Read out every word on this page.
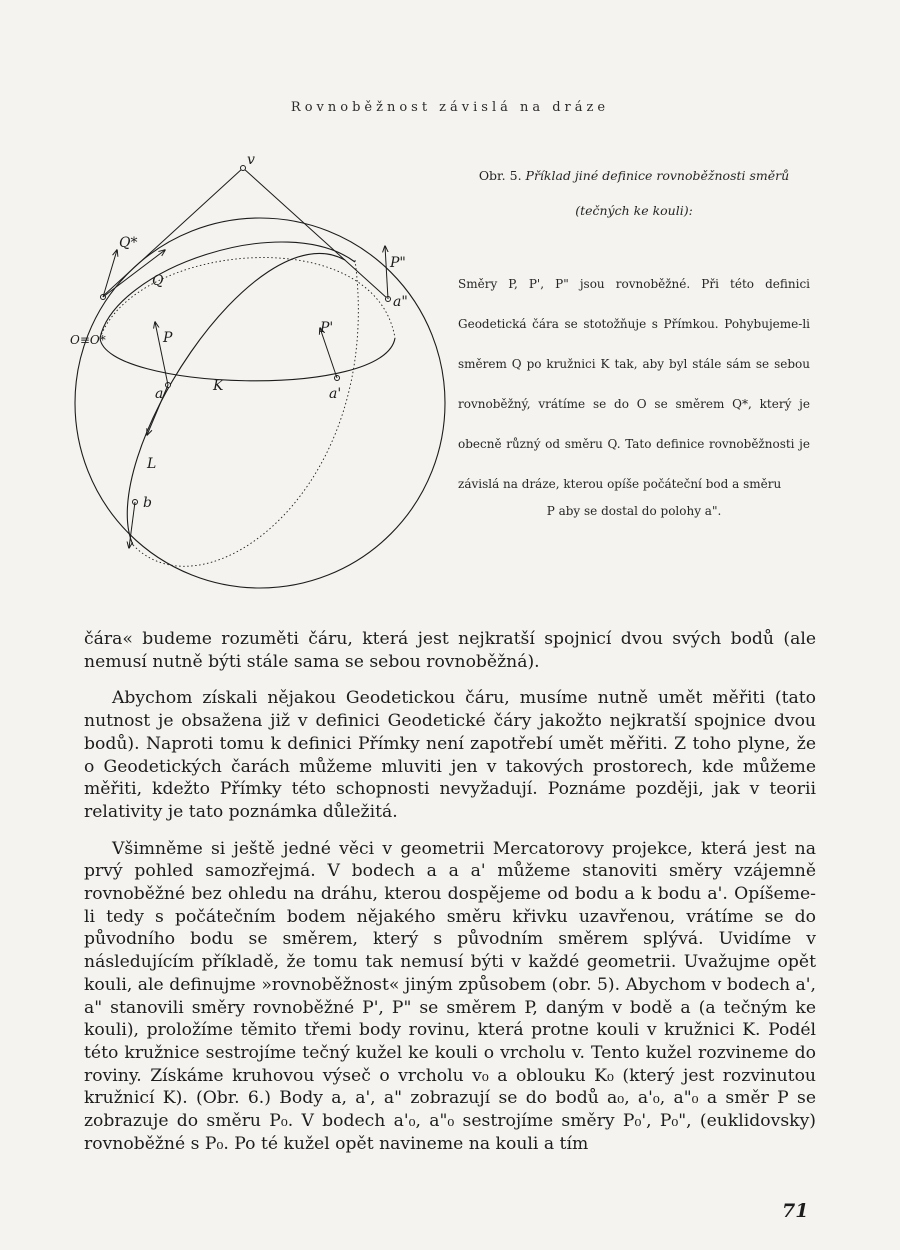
Rovnoběžnost závislá na dráze
v
Q*
Q
O≡O*	P
P'
P"
a	a'
a"
K
L
b

Obr. 5. Příklad jiné definice rovnoběžnosti směrů

(tečných ke kouli):

Směry P, P', P" jsou rovnoběžné. Při této definici Geodetická čára se stotožňuje s Přímkou. Pohybujeme-li směrem Q po kružnici K tak, aby byl stále sám se sebou rovnoběžný, vrátíme se do O se směrem Q*, který je obecně různý od směru Q. Tato definice rovnoběžnosti je závislá na dráze, kterou opíše počáteční bod a směru

P aby se dostal do polohy a".

čára« budeme rozuměti čáru, která jest nejkratší spojnicí dvou svých bodů (ale nemusí nutně býti stále sama se sebou rovnoběžná).

Abychom získali nějakou Geodetickou čáru, musíme nutně umět měřiti (tato nutnost je obsažena již v definici Geodetické čáry jakožto nejkratší spojnice dvou bodů). Naproti tomu k definici Přímky není zapotřebí umět měřiti. Z toho plyne, že o Geodetických čarách můžeme mluviti jen v takových prostorech, kde můžeme měřiti, kdežto Přímky této schopnosti nevyžadují. Poznáme později, jak v teorii relativity je tato poznámka důležitá.

Všimněme si ještě jedné věci v geometrii Mercatorovy projekce, která jest na prvý pohled samozřejmá. V bodech a a a' můžeme stanoviti směry vzájemně rovnoběžné bez ohledu na dráhu, kterou dospějeme od bodu a k bodu a'. Opíšeme-li tedy s počátečním bodem nějakého směru křivku uzavřenou, vrátíme se do původního bodu se směrem, který s původním směrem splývá. Uvidíme v následujícím příkladě, že tomu tak nemusí býti v každé geometrii. Uvažujme opět kouli, ale definujme »rovnoběžnost« jiným způsobem (obr. 5). Abychom v bodech a', a" stanovili směry rovnoběžné P', P" se směrem P, daným v bodě a (a tečným ke kouli), proložíme těmito třemi body rovinu, která protne kouli v kružnici K. Podél této kružnice sestrojíme tečný kužel ke kouli o vrcholu v. Tento kužel rozvineme do roviny. Získáme kruhovou výseč o vrcholu v₀ a oblouku K₀ (který jest rozvinutou kružnicí K). (Obr. 6.) Body a, a', a" zobrazují se do bodů a₀, a'₀, a"₀ a směr P se zobrazuje do směru P₀. V bodech a'₀, a"₀ sestrojíme směry P₀', P₀", (euklidovsky) rovnoběžné s P₀. Po té kužel opět navineme na kouli a tím

71
